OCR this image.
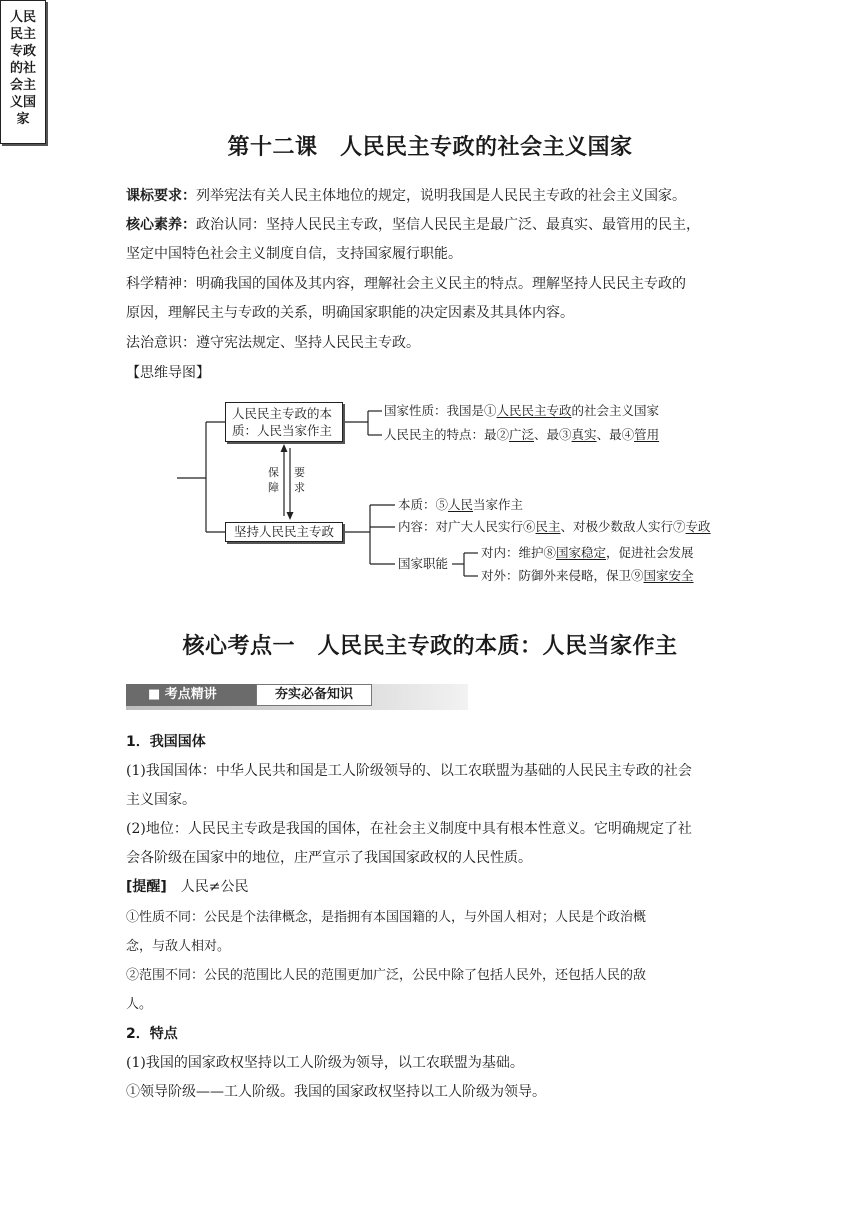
第十二课　人民民主专政的社会主义国家
课标要求：列举宪法有关人民主体地位的规定，说明我国是人民民主专政的社会主义国家。
核心素养：政治认同：坚持人民民主专政，坚信人民民主是最广泛、最真实、最管用的民主，
坚定中国特色社会主义制度自信，支持国家履行职能。
科学精神：明确我国的国体及其内容，理解社会主义民主的特点。理解坚持人民民主专政的
原因，理解民主与专政的关系，明确国家职能的决定因素及其具体内容。
法治意识：遵守宪法规定、坚持人民民主专政。
【思维导图】
人民
民主
专政
的社
会主
义国
家
人民民主专政的本
质：人民当家作主
坚持人民民主专政
保
障
要
求
国家性质：我国是①人民民主专政的社会主义国家
人民民主的特点：最②广泛、最③真实、最④管用
本质：⑤人民当家作主
内容：对广大人民实行⑥民主、对极少数敌人实行⑦专政
国家职能
对内：维护⑧国家稳定，促进社会发展
对外：防御外来侵略，保卫⑨国家安全
核心考点一　人民民主专政的本质：人民当家作主
■ 考点精讲	夯实必备知识
1．我国国体
(1)我国国体：中华人民共和国是工人阶级领导的、以工农联盟为基础的人民民主专政的社会
主义国家。
(2)地位：人民民主专政是我国的国体，在社会主义制度中具有根本性意义。它明确规定了社
会各阶级在国家中的地位，庄严宣示了我国国家政权的人民性质。
[提醒]　人民≠公民
①性质不同：公民是个法律概念，是指拥有本国国籍的人，与外国人相对；人民是个政治概
念，与敌人相对。
②范围不同：公民的范围比人民的范围更加广泛，公民中除了包括人民外，还包括人民的敌
人。
2．特点
(1)我国的国家政权坚持以工人阶级为领导，以工农联盟为基础。
①领导阶级——工人阶级。我国的国家政权坚持以工人阶级为领导。
